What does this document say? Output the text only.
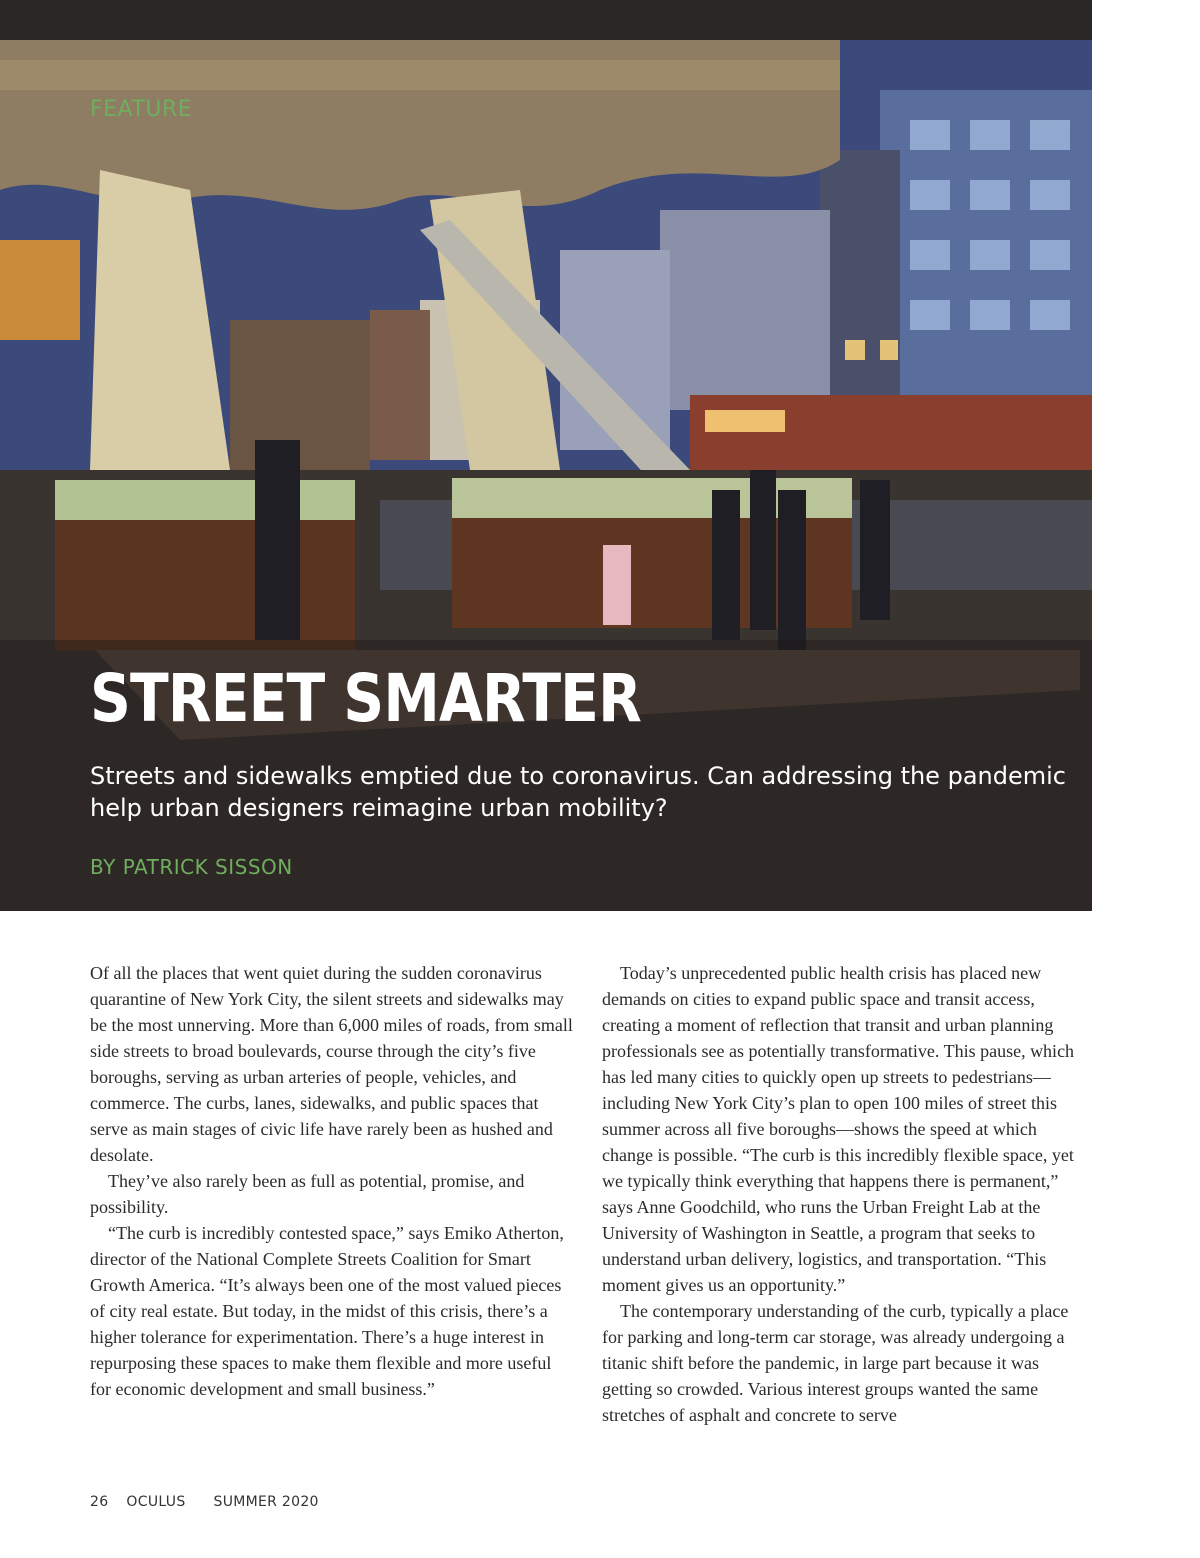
FEATURE

STREET SMARTER

Streets and sidewalks emptied due to coronavirus. Can addressing the pandemic help urban designers reimagine urban mobility?

BY PATRICK SISSON

Of all the places that went quiet during the sudden coronavirus quarantine of New York City, the silent streets and sidewalks may be the most unnerving. More than 6,000 miles of roads, from small side streets to broad boulevards, course through the city’s five boroughs, serving as urban arteries of people, vehicles, and commerce. The curbs, lanes, sidewalks, and public spaces that serve as main stages of civic life have rarely been as hushed and desolate.

They’ve also rarely been as full as potential, promise, and possibility.

“The curb is incredibly contested space,” says Emiko Atherton, director of the National Complete Streets Coalition for Smart Growth America. “It’s always been one of the most valued pieces of city real estate. But today, in the midst of this crisis, there’s a higher tolerance for experimentation. There’s a huge interest in repurposing these spaces to make them flexible and more useful for economic development and small business.”

Today’s unprecedented public health crisis has placed new demands on cities to expand public space and transit access, creating a moment of reflection that transit and urban planning professionals see as potentially transformative. This pause, which has led many cities to quickly open up streets to pedestrians—including New York City’s plan to open 100 miles of street this summer across all five boroughs—shows the speed at which change is possible. “The curb is this incredibly flexible space, yet we typically think everything that happens there is permanent,” says Anne Goodchild, who runs the Urban Freight Lab at the University of Washington in Seattle, a program that seeks to understand urban delivery, logistics, and transportation. “This moment gives us an opportunity.”

The contemporary understanding of the curb, typically a place for parking and long-term car storage, was already undergoing a titanic shift before the pandemic, in large part because it was getting so crowded. Various interest groups wanted the same stretches of asphalt and concrete to serve

26 OCULUS SUMMER 2020
